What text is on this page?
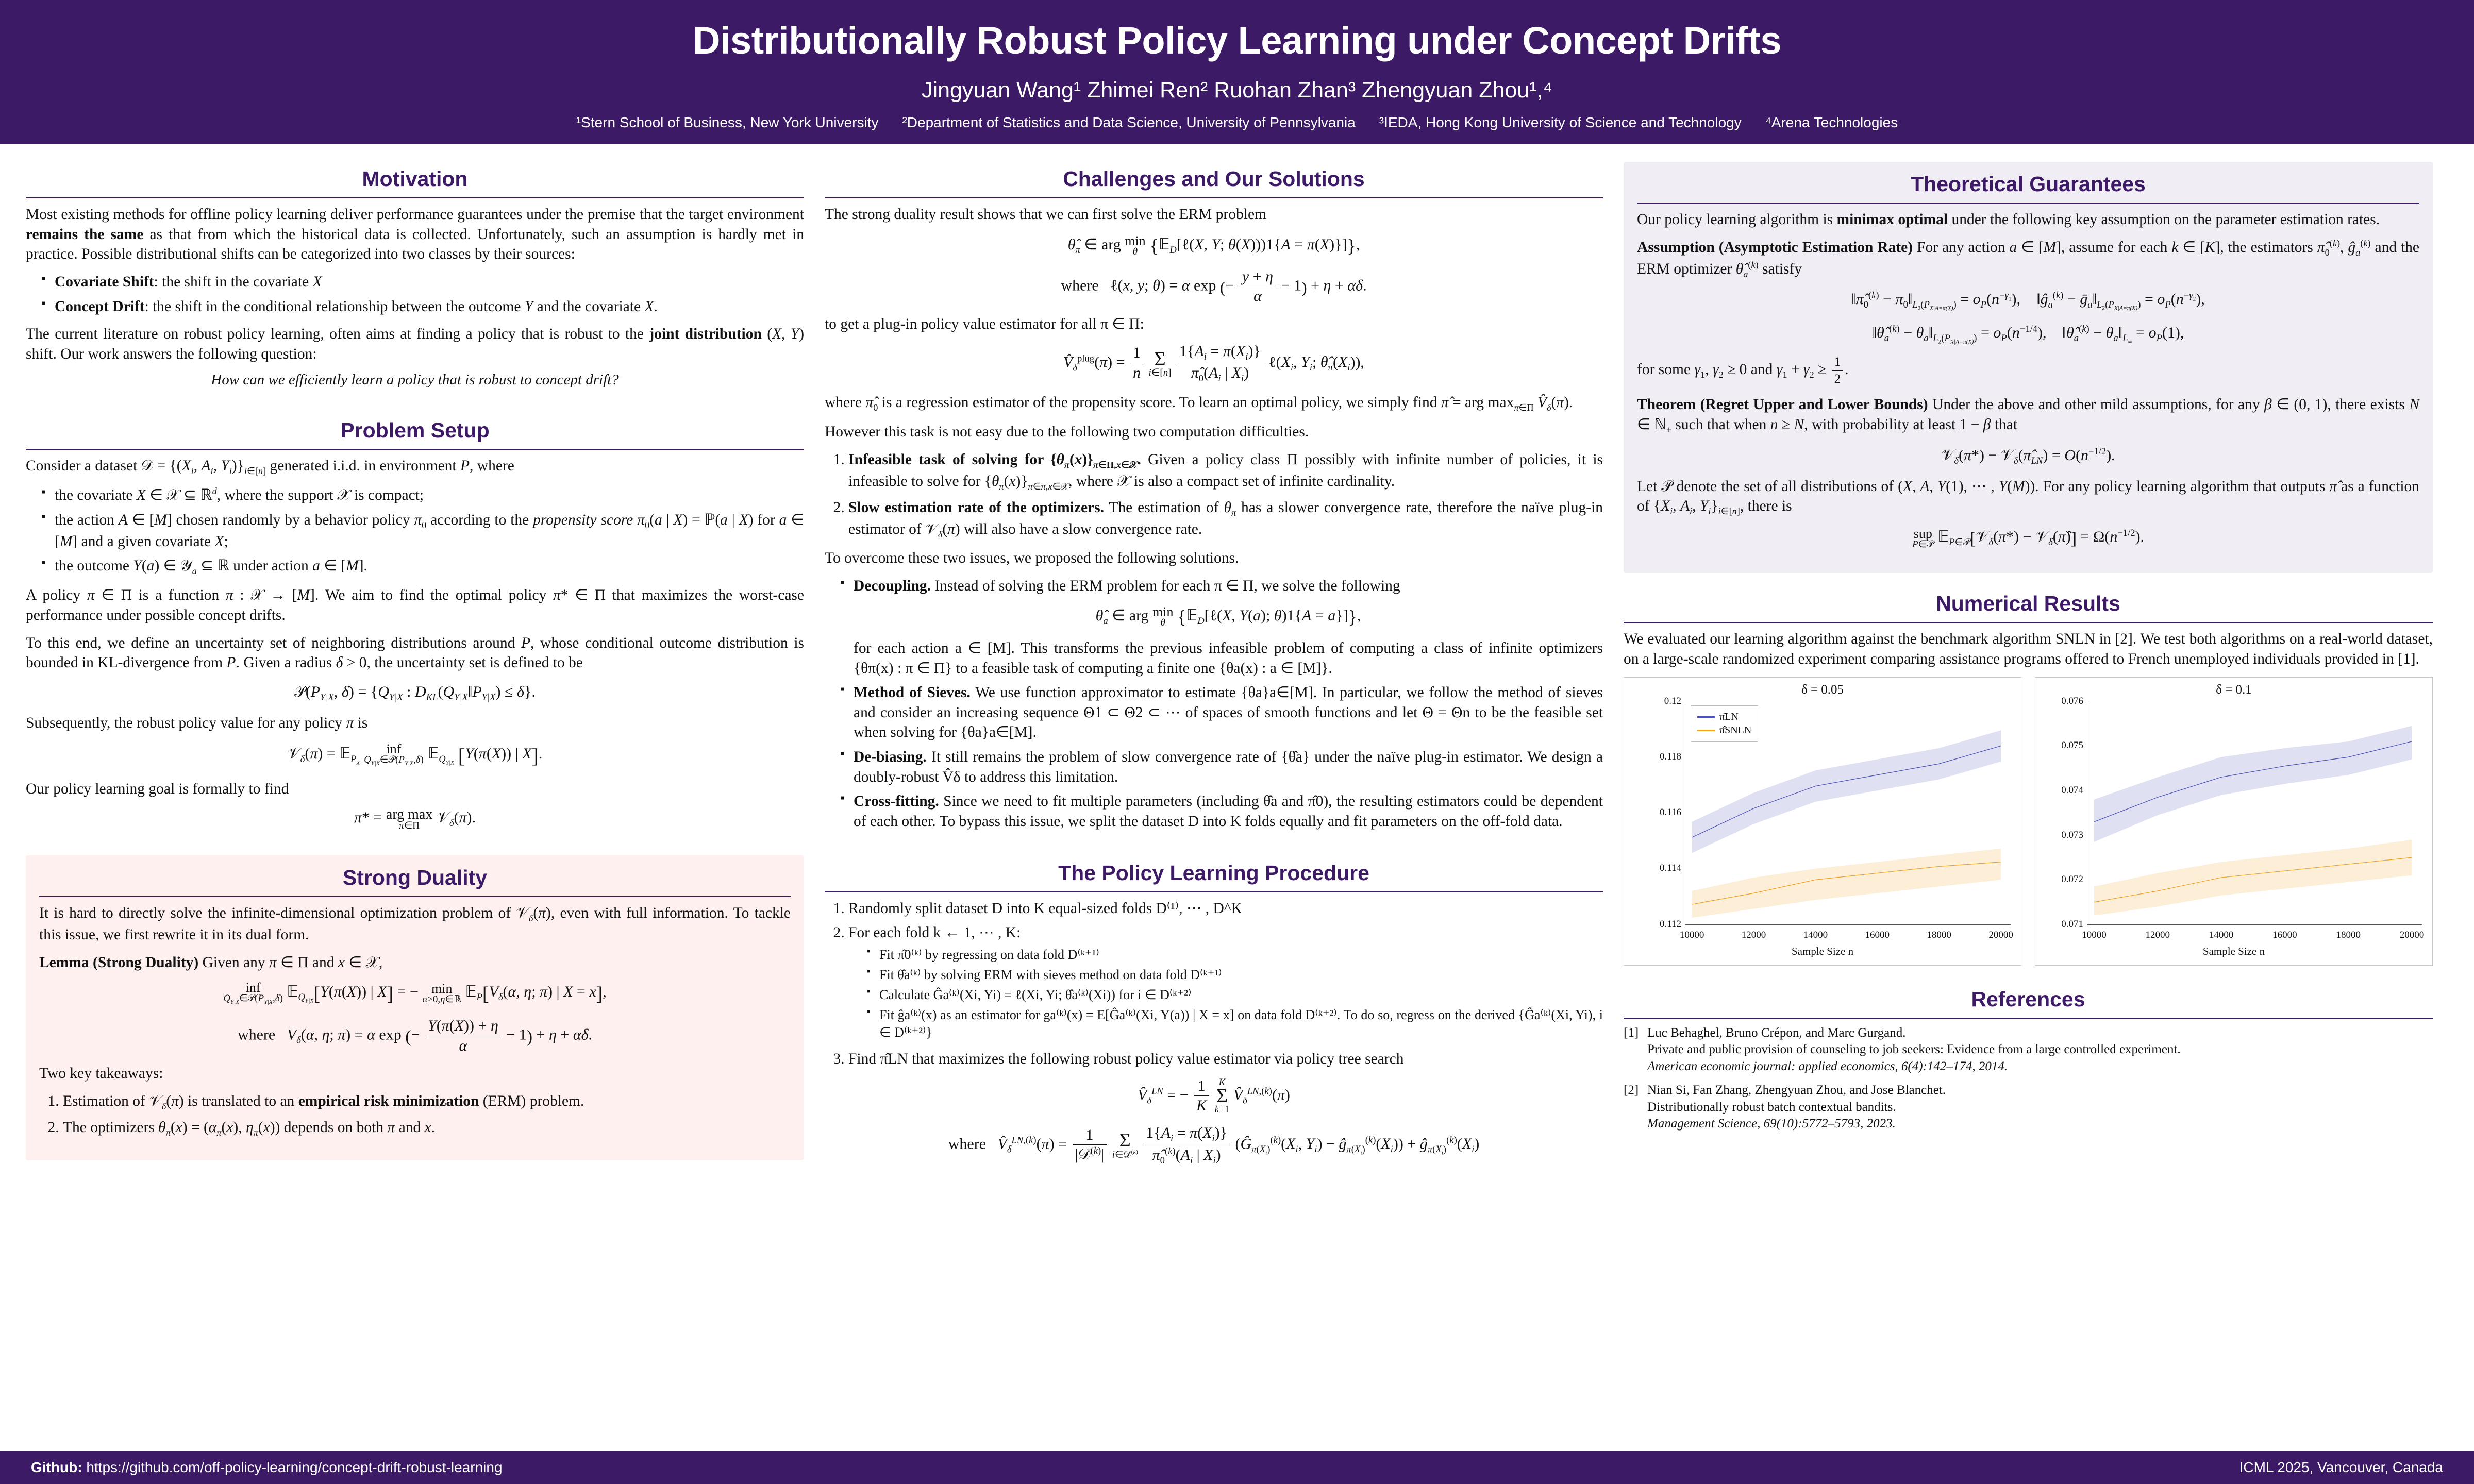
Distributionally Robust Policy Learning under Concept Drifts
Jingyuan Wang¹ Zhimei Ren² Ruohan Zhan³ Zhengyuan Zhou¹,⁴
¹Stern School of Business, New York University ²Department of Statistics and Data Science, University of Pennsylvania ³IEDA, Hong Kong University of Science and Technology ⁴Arena Technologies
Motivation

Most existing methods for offline policy learning deliver performance guarantees under the premise that the target environment remains the same as that from which the historical data is collected. Unfortunately, such an assumption is hardly met in practice. Possible distributional shifts can be categorized into two classes by their sources:

▪ Covariate Shift: the shift in the covariate X
▪ Concept Drift: the shift in the conditional relationship between the outcome Y and the covariate X.

The current literature on robust policy learning, often aims at finding a policy that is robust to the joint distribution (X, Y) shift. Our work answers the following question:

How can we efficiently learn a policy that is robust to concept drift?
Problem Setup

Consider a dataset 𝒟 = {($X_i$, $A_i$, $Y_i)\}_{i\in[n]}$ generated i.i.d. in environment P, where

▪ the covariate X ∈ 𝒳 ⊆ ℝ$^d$, where the support 𝒳 is compact;
▪ the action A ∈ [M] chosen randomly by a behavior policy $\pi_0$ according to the propensity score $\pi_0(a$ | X) = ℙ(a | X) for a ∈ [M] and a given covariate X;
▪ the outcome Y(a) ∈ 𝒴$_a$ ⊆ ℝ under action a ∈ [M].

A policy π ∈ Π is a function π : 𝒳 → [M]. We aim to find the optimal policy π* ∈ Π that maximizes the worst-case performance under possible concept drifts.

To this end, we define an uncertainty set of neighboring distributions around P, whose conditional outcome distribution is bounded in KL-divergence from P. Given a radius δ > 0, the uncertainty set is defined to be

$𝒫(P_{Y|X}$, $\delta) = \{Q_{Y|X}$ : $D_{KL}(Q_{Y|X}‖P_{Y|X}) \le \delta$}.

Subsequently, the robust policy value for any policy π is

𝒱$_\delta$(π) = 𝔼$_{P_X}$
inf
$Q_{Y|X}\in 𝒫(P_{Y|X},\delta)$ 𝔼$_{Q_{Y|X}}$ [Y(π(X)) | X].

Our policy learning goal is formally to find

π* = arg max
π∈Π 𝒱$_\delta$(π).
Strong Duality

It is hard to directly solve the infinite-dimensional optimization problem of 𝒱$_\delta$(π), even with full information. To tackle this issue, we first rewrite it in its dual form.

Lemma (Strong Duality) Given any π ∈ Π and x ∈ 𝒳,

inf
$Q_{Y|X}\in 𝒫(P_{Y|X},\delta)$ 𝔼$_{Q_{Y|X}}$[Y(π(X)) | X] = − min
α≥0,η∈ℝ $𝔼_P[V_\delta(\alpha$, η; π) | X = x],
where   $V_\delta(\alpha$, η; π) = α exp (− $\frac{Y(\pi(X)) + \eta}{\alpha} - 1) + \eta + \alpha\delta$.

Two key takeaways:

1. Estimation of 𝒱$_\delta$(π) is translated to an empirical risk minimization (ERM) problem.
2. The optimizers $\theta_\pi(x) = (\alpha_\pi(x)$, $\eta_\pi(x)$) depends on both π and x.
Challenges and Our Solutions

The strong duality result shows that we can first solve the ERM problem

$\thetâ_\pi$ ∈ arg min
θ {𝔼$_D$[ℓ(X, Y; θ(X)))1{A = π(X)}]},
where   ℓ(x, y; θ) = α exp (− $\frac{y + \eta}{\alpha} - 1) + \eta + \alpha\delta$.

to get a plug-in policy value estimator for all π ∈ Π:

$V̂_\delta^{plug}(\pi) = \frac{1}{n}$
Σ
i∈[n]
$\frac{1\{A_i = \pi(X_i)\}}{\pî_0(A_i | X_i)}$ $\ell(X_i$, $Y_i$; $\thetâ_\pi(X_i)$),

where $\pî_0$ is a regression estimator of the propensity score. To learn an optimal policy, we simply find π̂ = arg $\max_{\pi\in\Pi}$ $V̂_\delta(\pi)$.

However this task is not easy due to the following two computation difficulties.

1. Infeasible task of solving for $\{\theta_\pi(x)\}_{\pi\in\Pi,x\in 𝒳}$. Given a policy class Π possibly with infinite number of policies, it is infeasible to solve for $\{\theta_\pi(x)\}_{\pi\in\pi,x\in 𝒳}$, where 𝒳 is also a compact set of infinite cardinality.
2. Slow estimation rate of the optimizers. The estimation of $\theta_\pi$ has a slower convergence rate, therefore the naïve plug-in estimator of 𝒱$_\delta$(π) will also have a slow convergence rate.

To overcome these two issues, we proposed the following solutions.

▪ Decoupling. Instead of solving the ERM problem for each π ∈ Π, we solve the following
$\thetâ_a$ ∈ arg min
θ {𝔼$_D$[ℓ(X, Y(a); θ)1{A = a}]},
for each action a ∈ [M]. This transforms the previous infeasible problem of computing a class of infinite optimizers {θπ(x) : π ∈ Π} to a feasible task of computing a finite one {θa(x) : a ∈ [M]}.
▪ Method of Sieves. We use function approximator to estimate {θa}a∈[M]. In particular, we follow the method of sieves and consider an increasing sequence Θ1 ⊂ Θ2 ⊂ ⋯ of spaces of smooth functions and let Θ = Θn to be the feasible set when solving for {θa}a∈[M].
▪ De-biasing. It still remains the problem of slow convergence rate of {θ̂a} under the naïve plug-in estimator. We design a doubly-robust V̂δ to address this limitation.
▪ Cross-fitting. Since we need to fit multiple parameters (including θ̂a and π̂0), the resulting estimators could be dependent of each other. To bypass this issue, we split the dataset D into K folds equally and fit parameters on the off-fold data.
The Policy Learning Procedure
1. Randomly split dataset D into K equal-sized folds D⁽¹⁾, ⋯ , D^K
2. For each fold k ← 1, ⋯ , K:
▪ Fit π̂0⁽ᵏ⁾ by regressing on data fold D⁽ᵏ⁺¹⁾
▪ Fit θ̂a⁽ᵏ⁾ by solving ERM with sieves method on data fold D⁽ᵏ⁺¹⁾
▪ Calculate Ĝa⁽ᵏ⁾(Xi, Yi) = ℓ(Xi, Yi; θ̂a⁽ᵏ⁾(Xi)) for i ∈ D⁽ᵏ⁺²⁾
▪ Fit ĝa⁽ᵏ⁾(x) as an estimator for ga⁽ᵏ⁾(x) = E[Ĝa⁽ᵏ⁾(Xi, Y(a)) | X = x] on data fold D⁽ᵏ⁺²⁾. To do so, regress on the derived {Ĝa⁽ᵏ⁾(Xi, Yi), i ∈ D⁽ᵏ⁺²⁾}
3. Find π̂LN that maximizes the following robust policy value estimator via policy tree search
$V̂_\delta^{LN}$ = − $\frac{1}{K}$
K
Σ
k=1
$V̂_\delta^{LN,(k)}(\pi)$
where   $V̂_\delta^{LN,(k)}(\pi) = \frac{1}{|𝒟^{(k)}|}$
Σ
i∈𝒟$^{(k)}$
$\frac{1\{A_i = \pi(X_i)\}}{\pî_0^{(k)}(A_i | X_i)}$ ($Ĝ_{\pi(X_i)}^{(k)}(X_i$, $Y_i$) − $ĝ_{\pi(X_i)}^{(k)}(X_i)$) + $ĝ_{\pi(X_i)}^{(k)}(X_i)$
Theoretical Guarantees

Our policy learning algorithm is minimax optimal under the following key assumption on the parameter estimation rates.

Assumption (Asymptotic Estimation Rate) For any action a ∈ [M], assume for each k ∈ [K], the estimators $\pî_0^{(k)}$, $ĝ_a^{(k)}$ and the ERM optimizer $\thetâ_a^{(k)}$ satisfy

$‖\pî_0^{(k)}$ − $\pi_0‖_{L_2(P_{X|A=\pi(X)})} = o_P(n^{-\gamma_1})$,    $‖ĝ_a^{(k)}$ − $ḡ_a‖_{L_2(P_{X|A=\pi(X)})} = o_P(n^{-\gamma_2})$,
$‖\thetâ_a^{(k)}$ − $\theta_a‖_{L_2(P_{X|A=\pi(X)})} = o_P(n^{-1/4})$,    $‖\thetâ_a^{(k)}$ − $\theta_a‖_{L_\infty} = o_P(1)$,

for some $\gamma_1$, $\gamma_2 \ge 0$ and $\gamma_1 + \gamma_2 \ge \frac{1}{2}$ .

Theorem (Regret Upper and Lower Bounds) Under the above and other mild assumptions, for any β ∈ (0, 1), there exists N ∈ ℕ$_+$ such that when n ≥ N, with probability at least 1 − β that

𝒱$_\delta$(π*) − $𝒱_\delta(\pî_{LN}) = O(n^{-1/2})$.

Let 𝒫 denote the set of all distributions of (X, A, Y(1), ⋯ , Y(M)). For any policy learning algorithm that outputs π̂ as a function of {$X_i$, $A_i$, $Y_i\}_{i\in[n]}$, there is

sup
P∈𝒫 𝔼$_{P\in 𝒫}$[𝒱$_\delta$(π*) − 𝒱$_\delta$(π̂)] = $\Omega(n^{-1/2})$.
Numerical Results

We evaluated our learning algorithm against the benchmark algorithm SNLN in [2]. We test both algorithms on a real-world dataset, on a large-scale randomized experiment comparing assistance programs offered to French unemployed individuals provided in [1].

δ = 0.05
0.112
0.114
0.116
0.118
0.12
10000	12000	14000	16000	18000	20000
π̂LN
π̂SNLN
Sample Size n
δ = 0.1
0.071
0.072
0.073
0.074
0.075
0.076
10000	12000	14000	16000	18000	20000
Sample Size n
References
[1] Luc Behaghel, Bruno Crépon, and Marc Gurgand.
Private and public provision of counseling to job seekers: Evidence from a large controlled experiment.
American economic journal: applied economics, 6(4):142–174, 2014.
[2] Nian Si, Fan Zhang, Zhengyuan Zhou, and Jose Blanchet.
Distributionally robust batch contextual bandits.
Management Science, 69(10):5772–5793, 2023.
Github: https://github.com/off-policy-learning/concept-drift-robust-learning	ICML 2025, Vancouver, Canada
